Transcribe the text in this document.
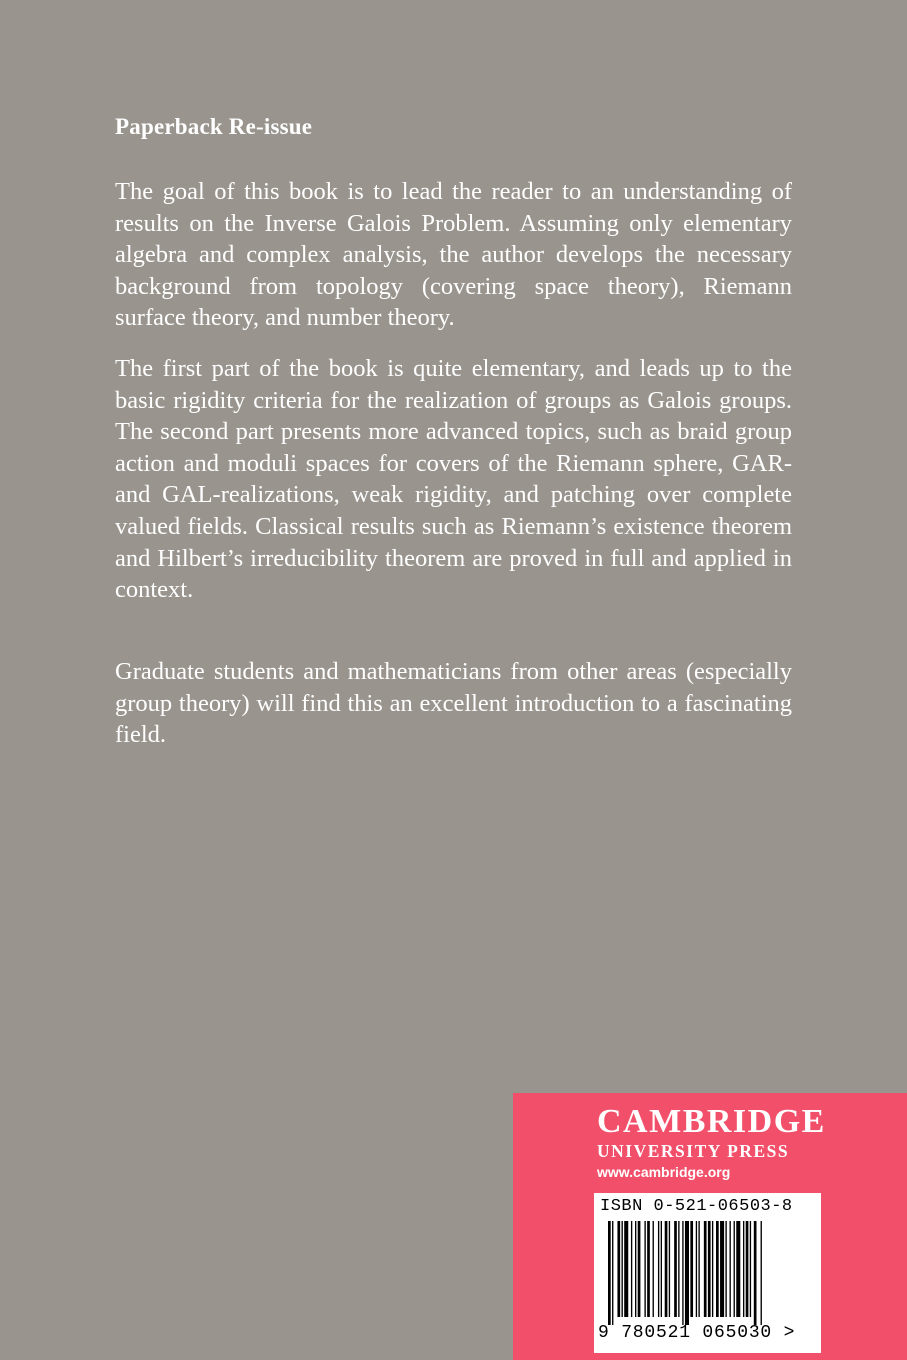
Paperback Re-issue
The goal of this book is to lead the reader to an understanding of results on the Inverse Galois Problem. Assuming only elementary algebra and complex analysis, the author develops the necessary background from topology (covering space theory), Riemann surface theory, and number theory.
The first part of the book is quite elementary, and leads up to the basic rigidity criteria for the realization of groups as Galois groups. The second part presents more advanced topics, such as braid group action and moduli spaces for covers of the Riemann sphere, GAR- and GAL-realizations, weak rigidity, and patching over complete valued fields. Classical results such as Riemann’s existence theorem and Hilbert’s irreducibility theorem are proved in full and applied in context.
Graduate students and mathematicians from other areas (especially group theory) will find this an excellent introduction to a fascinating field.
CAMBRIDGE
UNIVERSITY PRESS
www.cambridge.org
ISBN 0-521-06503-8
9 780521 065030 >
